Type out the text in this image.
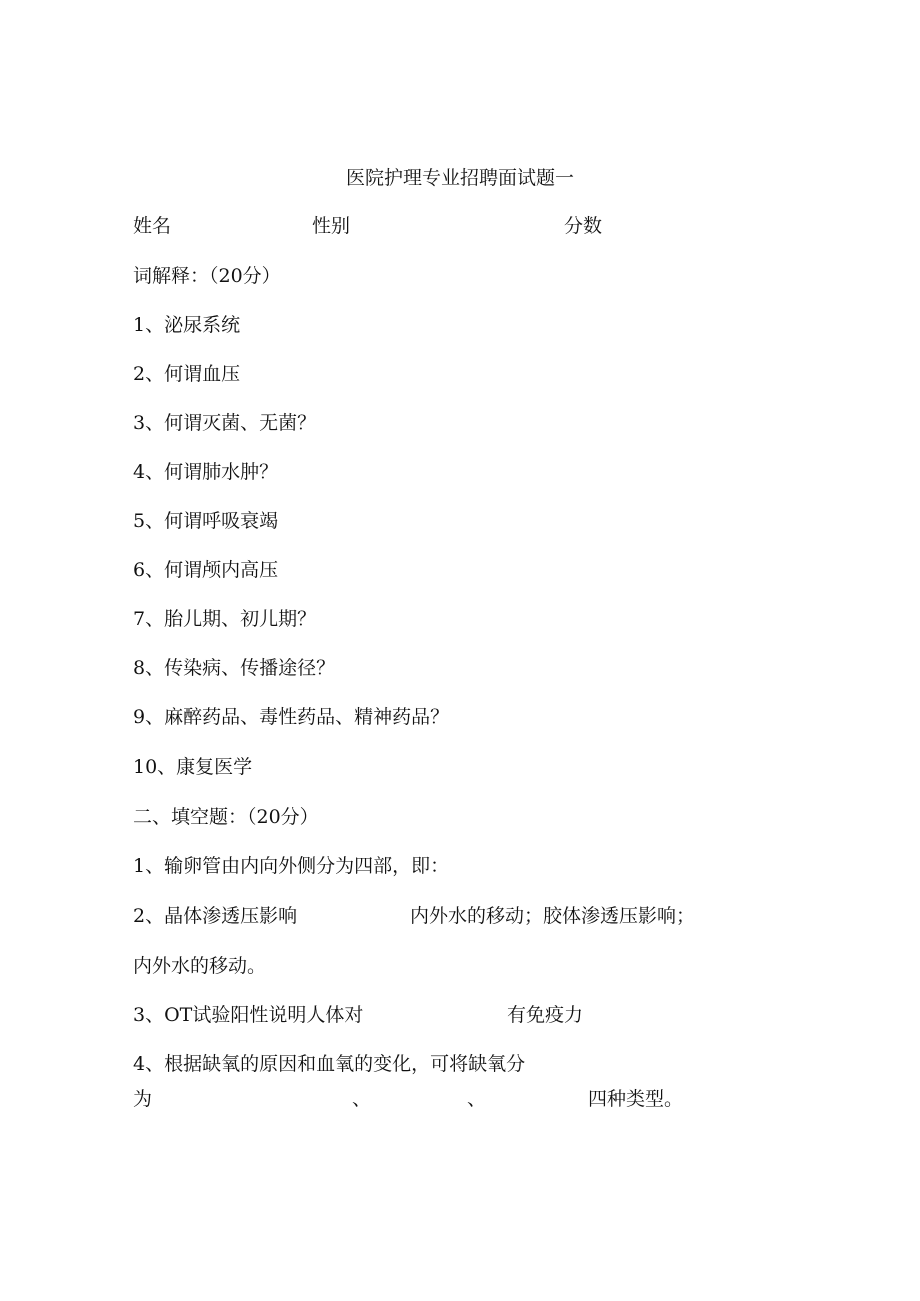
医院护理专业招聘面试题一
姓名	性别	分数
词解释：（20分）
1、泌尿系统
2、何谓血压
3、何谓灭菌、无菌？
4、何谓肺水肿？
5、何谓呼吸衰竭
6、何谓颅内高压
7、胎儿期、初儿期？
8、传染病、传播途径？
9、麻醉药品、毒性药品、精神药品？
10、康复医学
二、填空题：（20分）
1、输卵管由内向外侧分为四部，即：
2、晶体渗透压影响	内外水的移动；胶体渗透压影响；
内外水的移动。
3、OT试验阳性说明人体对	有免疫力
4、根据缺氧的原因和血氧的变化，可将缺氧分
为	、	、	四种类型。
